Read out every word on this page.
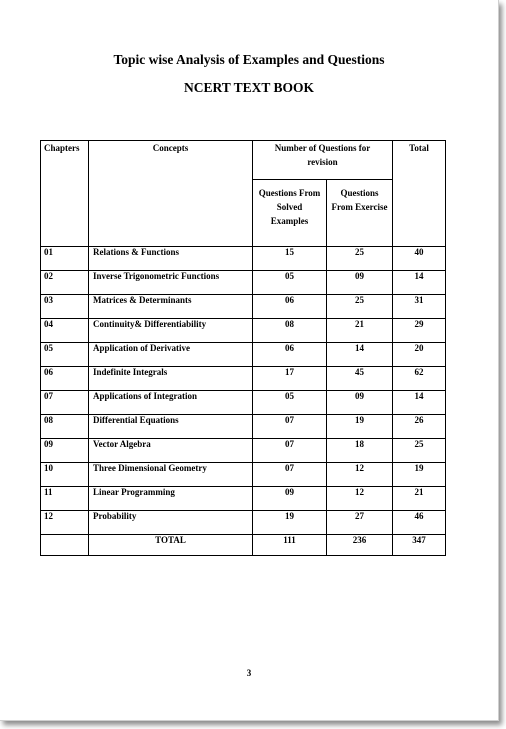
Topic wise Analysis of Examples and Questions
NCERT TEXT BOOK
Chapters	Concepts	Number of Questions for revision		Total
		Questions From Solved Examples	Questions From Exercise	
01	Relations & Functions	15	25	40
02	Inverse Trigonometric Functions	05	09	14
03	Matrices & Determinants	06	25	31
04	Continuity& Differentiability	08	21	29
05	Application of Derivative	06	14	20
06	Indefinite Integrals	17	45	62
07	Applications of Integration	05	09	14
08	Differential Equations	07	19	26
09	Vector Algebra	07	18	25
10	Three Dimensional Geometry	07	12	19
11	Linear Programming	09	12	21
12	Probability	19	27	46
	TOTAL	111	236	347
3
